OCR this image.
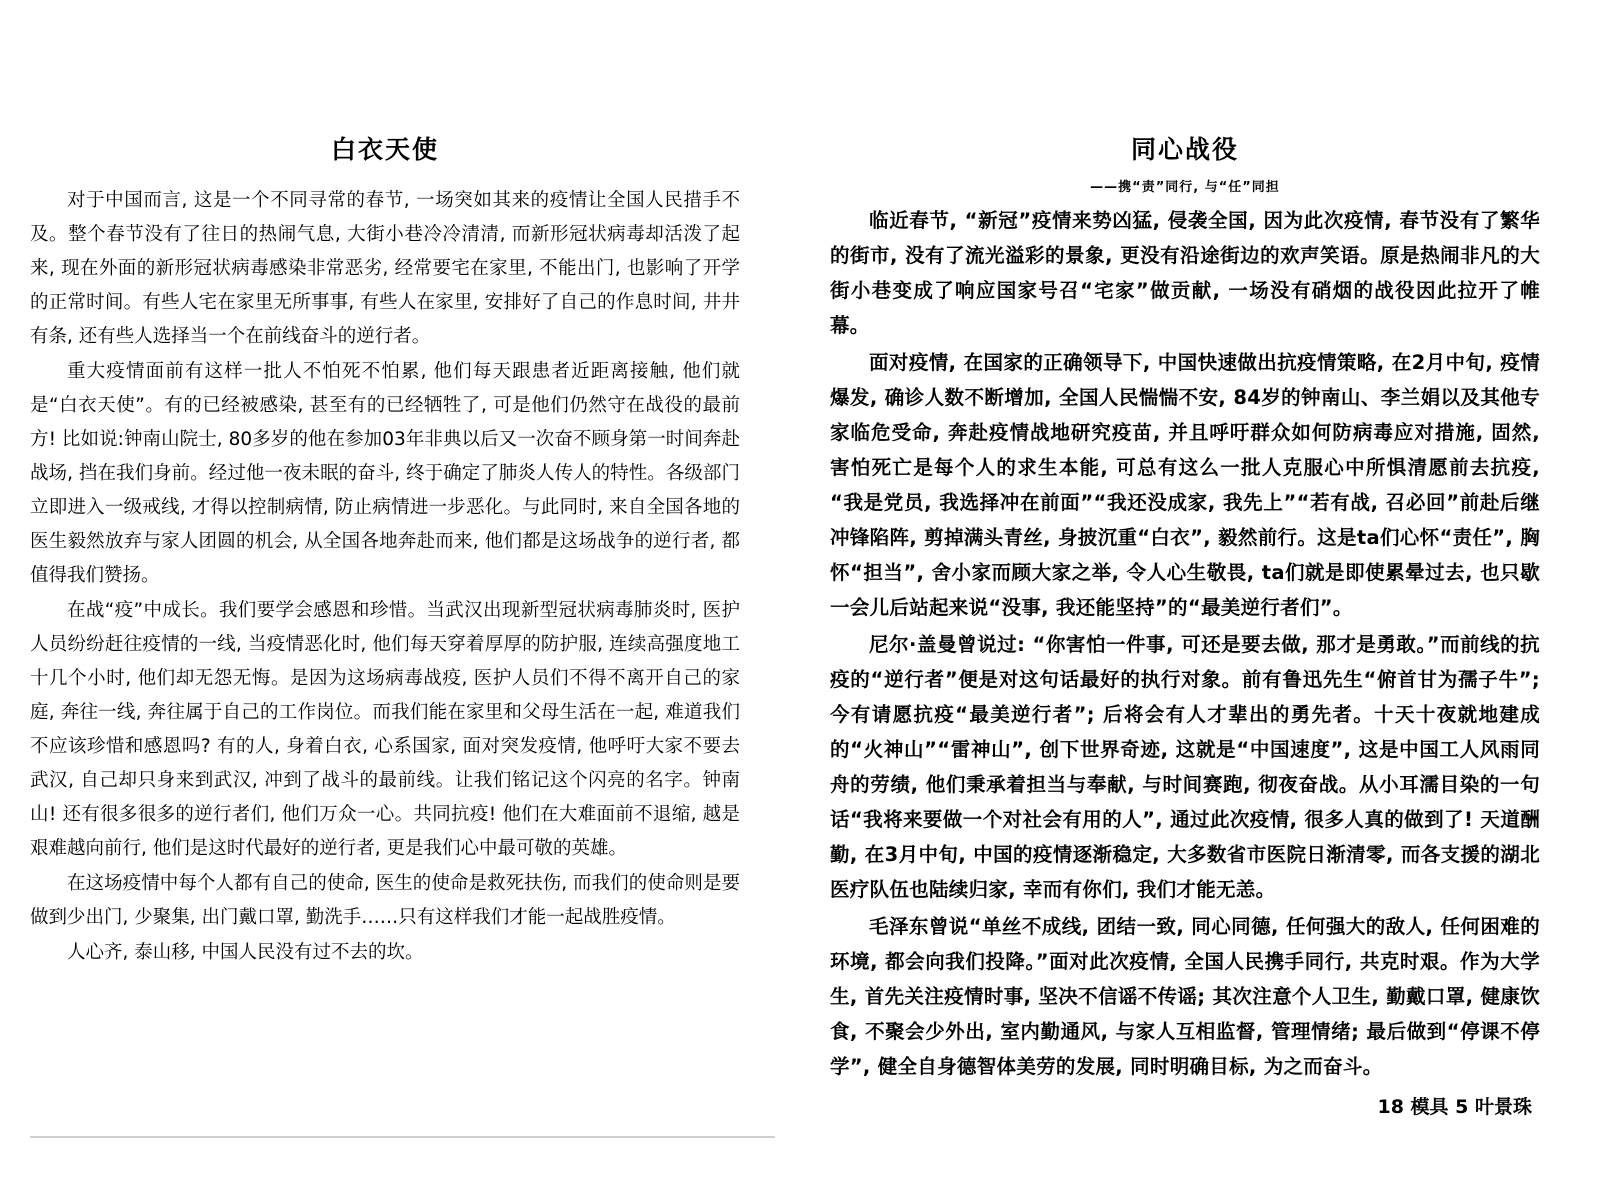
白衣天使

对于中国而言, 这是一个不同寻常的春节, 一场突如其来的疫情让全国人民措手不及。整个春节没有了往日的热闹气息, 大街小巷冷冷清清, 而新形冠状病毒却活泼了起来, 现在外面的新形冠状病毒感染非常恶劣, 经常要宅在家里, 不能出门, 也影响了开学的正常时间。有些人宅在家里无所事事, 有些人在家里, 安排好了自己的作息时间, 井井有条, 还有些人选择当一个在前线奋斗的逆行者。

重大疫情面前有这样一批人不怕死不怕累, 他们每天跟患者近距离接触, 他们就是“白衣天使”。有的已经被感染, 甚至有的已经牺牲了, 可是他们仍然守在战役的最前方! 比如说:钟南山院士, 80多岁的他在参加03年非典以后又一次奋不顾身第一时间奔赴战场, 挡在我们身前。经过他一夜未眠的奋斗, 终于确定了肺炎人传人的特性。各级部门立即进入一级戒线, 才得以控制病情, 防止病情进一步恶化。与此同时, 来自全国各地的医生毅然放弃与家人团圆的机会, 从全国各地奔赴而来, 他们都是这场战争的逆行者, 都值得我们赞扬。

在战“疫”中成长。我们要学会感恩和珍惜。当武汉出现新型冠状病毒肺炎时, 医护人员纷纷赶往疫情的一线, 当疫情恶化时, 他们每天穿着厚厚的防护服, 连续高强度地工十几个小时, 他们却无怨无悔。是因为这场病毒战疫, 医护人员们不得不离开自己的家庭, 奔往一线, 奔往属于自己的工作岗位。而我们能在家里和父母生活在一起, 难道我们不应该珍惜和感恩吗? 有的人, 身着白衣, 心系国家, 面对突发疫情, 他呼吁大家不要去武汉, 自己却只身来到武汉, 冲到了战斗的最前线。让我们铭记这个闪亮的名字。钟南山! 还有很多很多的逆行者们, 他们万众一心。共同抗疫! 他们在大难面前不退缩, 越是艰难越向前行, 他们是这时代最好的逆行者, 更是我们心中最可敬的英雄。

在这场疫情中每个人都有自己的使命, 医生的使命是救死扶伤, 而我们的使命则是要做到少出门, 少聚集, 出门戴口罩, 勤洗手……只有这样我们才能一起战胜疫情。

人心齐, 泰山移, 中国人民没有过不去的坎。

同心战役
——携“责”同行, 与“任”同担

临近春节, “新冠”疫情来势凶猛, 侵袭全国, 因为此次疫情, 春节没有了繁华的街市, 没有了流光溢彩的景象, 更没有沿途街边的欢声笑语。原是热闹非凡的大街小巷变成了响应国家号召“宅家”做贡献, 一场没有硝烟的战役因此拉开了帷幕。

面对疫情, 在国家的正确领导下, 中国快速做出抗疫情策略, 在2月中旬, 疫情爆发, 确诊人数不断增加, 全国人民惴惴不安, 84岁的钟南山、李兰娟以及其他专家临危受命, 奔赴疫情战地研究疫苗, 并且呼吁群众如何防病毒应对措施, 固然, 害怕死亡是每个人的求生本能, 可总有这么一批人克服心中所惧清愿前去抗疫, “我是党员, 我选择冲在前面”“我还没成家, 我先上”“若有战, 召必回”前赴后继冲锋陷阵, 剪掉满头青丝, 身披沉重“白衣”, 毅然前行。这是ta们心怀“责任”, 胸怀“担当”, 舍小家而顾大家之举, 令人心生敬畏, ta们就是即使累晕过去, 也只歇一会儿后站起来说“没事, 我还能坚持”的“最美逆行者们”。

尼尔·盖曼曾说过: “你害怕一件事, 可还是要去做, 那才是勇敢。”而前线的抗疫的“逆行者”便是对这句话最好的执行对象。前有鲁迅先生“俯首甘为孺子牛”; 今有请愿抗疫“最美逆行者”; 后将会有人才辈出的勇先者。十天十夜就地建成的“火神山”“雷神山”, 创下世界奇迹, 这就是“中国速度”, 这是中国工人风雨同舟的劳绩, 他们秉承着担当与奉献, 与时间赛跑, 彻夜奋战。从小耳濡目染的一句话“我将来要做一个对社会有用的人”, 通过此次疫情, 很多人真的做到了! 天道酬勤, 在3月中旬, 中国的疫情逐渐稳定, 大多数省市医院日渐清零, 而各支援的湖北医疗队伍也陆续归家, 幸而有你们, 我们才能无恙。

毛泽东曾说“单丝不成线, 团结一致, 同心同德, 任何强大的敌人, 任何困难的环境, 都会向我们投降。”面对此次疫情, 全国人民携手同行, 共克时艰。作为大学生, 首先关注疫情时事, 坚决不信谣不传谣; 其次注意个人卫生, 勤戴口罩, 健康饮食, 不聚会少外出, 室内勤通风, 与家人互相监督, 管理情绪; 最后做到“停课不停学”, 健全自身德智体美劳的发展, 同时明确目标, 为之而奋斗。

18 模具 5 叶景珠
